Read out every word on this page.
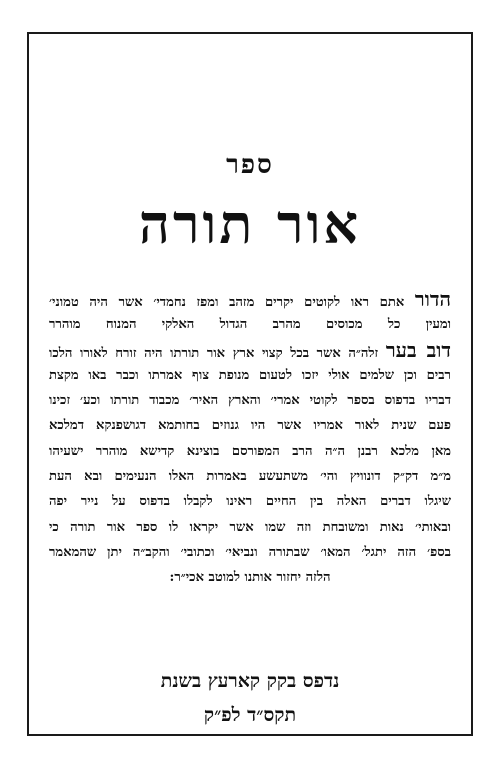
ספר
אור תורה
הדור אתם ראו לקוטים יקרים מזהב ומפז נחמדי׳ אשר היה טמוני׳
ומעין כל מכוסים מהרב הגדול האלקי המנוח מוהרר
דוב בער זלה״ה אשר בכל קצוי ארץ אור תורתו היה זורח לאורו הלכו
רבים וכן שלמים אולי יזכו לטעום מנופת צוף אמרתו וכבר באו מקצת
דבריו בדפוס בספר לקוטי אמרי׳ והארץ האיר׳ מכבוד תורתו וכע׳ זכינו
פעם שנית לאור אמריו אשר היו גנוזים בחותמא דגושפנקא דמלכא
מאן מלכא רבנן ה״ה הרב המפורסם בוצינא קדישא מוהרר ישעיהו
מ״מ דק״ק דונוויץ והי׳ משתעשע באמרות האלו הנעימים ובא העת
שיגלו דברים האלה בין החיים ראינו לקבלו בדפוס על נייר יפה
ובאותי׳ נאות ומשובחת וזה שמו אשר יקראו לו ספר אור תורה כי
בספ׳ הזה יתגל׳ המאו׳ שבתורה ונביאי׳ וכתובי׳ והקב״ה יתן שהמאמר
הלזה יחזור אותנו למוטב אכי״ר:
נדפס בקק קארעץ בשנת
תקס״ד לפ״ק
